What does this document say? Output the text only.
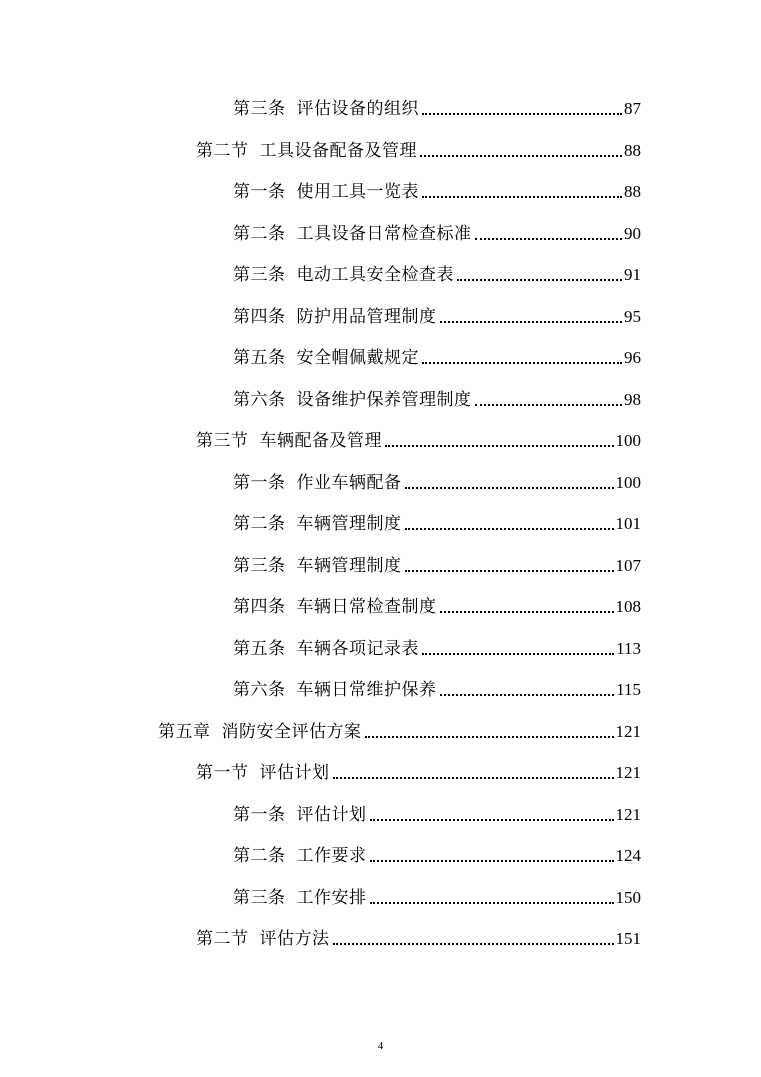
第三条 评估设备的组织	87
第二节 工具设备配备及管理	88
第一条 使用工具一览表	88
第二条 工具设备日常检查标准	90
第三条 电动工具安全检查表	91
第四条 防护用品管理制度	95
第五条 安全帽佩戴规定	96
第六条 设备维护保养管理制度	98
第三节 车辆配备及管理	100
第一条 作业车辆配备	100
第二条 车辆管理制度	101
第三条 车辆管理制度	107
第四条 车辆日常检查制度	108
第五条 车辆各项记录表	113
第六条 车辆日常维护保养	115
第五章 消防安全评估方案	121
第一节 评估计划	121
第一条 评估计划	121
第二条 工作要求	124
第三条 工作安排	150
第二节 评估方法	151
4
